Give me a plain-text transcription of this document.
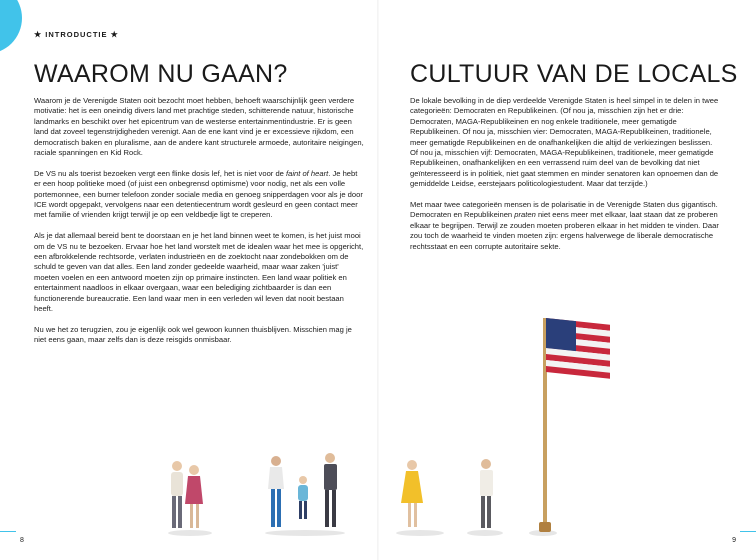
★ INTRODUCTIE ★
WAAROM NU GAAN?	CULTUUR VAN DE LOCALS

Waarom je de Verenigde Staten ooit bezocht moet hebben, behoeft waarschijnlijk geen verdere motivatie: het is een oneindig divers land met prachtige steden, schitterende natuur, historische landmarks en beschikt over het epicentrum van de westerse entertainmentindustrie. Er is geen land dat zoveel tegenstrijdigheden verenigt. Aan de ene kant vind je er excessieve rijkdom, een democratisch baken en pluralisme, aan de andere kant structurele armoede, autoritaire neigingen, raciale spanningen en Kid Rock.

De VS nu als toerist bezoeken vergt een flinke dosis lef, het is niet voor de faint of heart. Je hebt er een hoop politieke moed (of juist een onbegrensd optimisme) voor nodig, net als een volle portemonnee, een burner telefoon zonder sociale media en genoeg snipperdagen voor als je door ICE wordt opgepakt, vervolgens naar een detentiecentrum wordt gesleurd en geen contact meer met familie of vrienden krijgt terwijl je op een veldbedje ligt te creperen.

Als je dat allemaal bereid bent te doorstaan en je het land binnen weet te komen, is het juist mooi om de VS nu te bezoeken. Ervaar hoe het land worstelt met de idealen waar het mee is opgericht, een afbrokkelende rechtsorde, verlaten industrieën en de zoektocht naar zondebokken om de schuld te geven van dat alles. Een land zonder gedeelde waarheid, maar waar zaken 'juist' moeten voelen en een antwoord moeten zijn op primaire instincten. Een land waar politiek en entertainment naadloos in elkaar overgaan, waar een belediging zichtbaarder is dan een functionerende bureaucratie. Een land waar men in een verleden wil leven dat nooit bestaan heeft.

Nu we het zo terugzien, zou je eigenlijk ook wel gewoon kunnen thuisblijven. Misschien mag je niet eens gaan, maar zelfs dan is deze reisgids onmisbaar.

De lokale bevolking in de diep verdeelde Verenigde Staten is heel simpel in te delen in twee categorieën: Democraten en Republikeinen. (Of nou ja, misschien zijn het er drie: Democraten, MAGA-Republikeinen en nog enkele traditionele, meer gematigde Republikeinen. Of nou ja, misschien vier: Democraten, MAGA-Republikeinen, traditionele, meer gematigde Republikeinen en de onafhankelijken die altijd de verkiezingen beslissen. Of nou ja, misschien vijf: Democraten, MAGA-Republikeinen, traditionele, meer gematigde Republikeinen, onafhankelijken en een verrassend ruim deel van de bevolking dat niet geïnteresseerd is in politiek, niet gaat stemmen en minder senatoren kan opnoemen dan de gemiddelde Leidse, eerstejaars politicologiestudent. Maar dat terzijde.)

Met maar twee categorieën mensen is de polarisatie in de Verenigde Staten dus gigantisch. Democraten en Republikeinen praten niet eens meer met elkaar, laat staan dat ze proberen elkaar te begrijpen. Terwijl ze zouden moeten proberen elkaar in het midden te vinden. Daar zou toch de waarheid te vinden moeten zijn: ergens halverwege de liberale democratische rechtsstaat en een corrupte autoritaire sekte.

8	9
